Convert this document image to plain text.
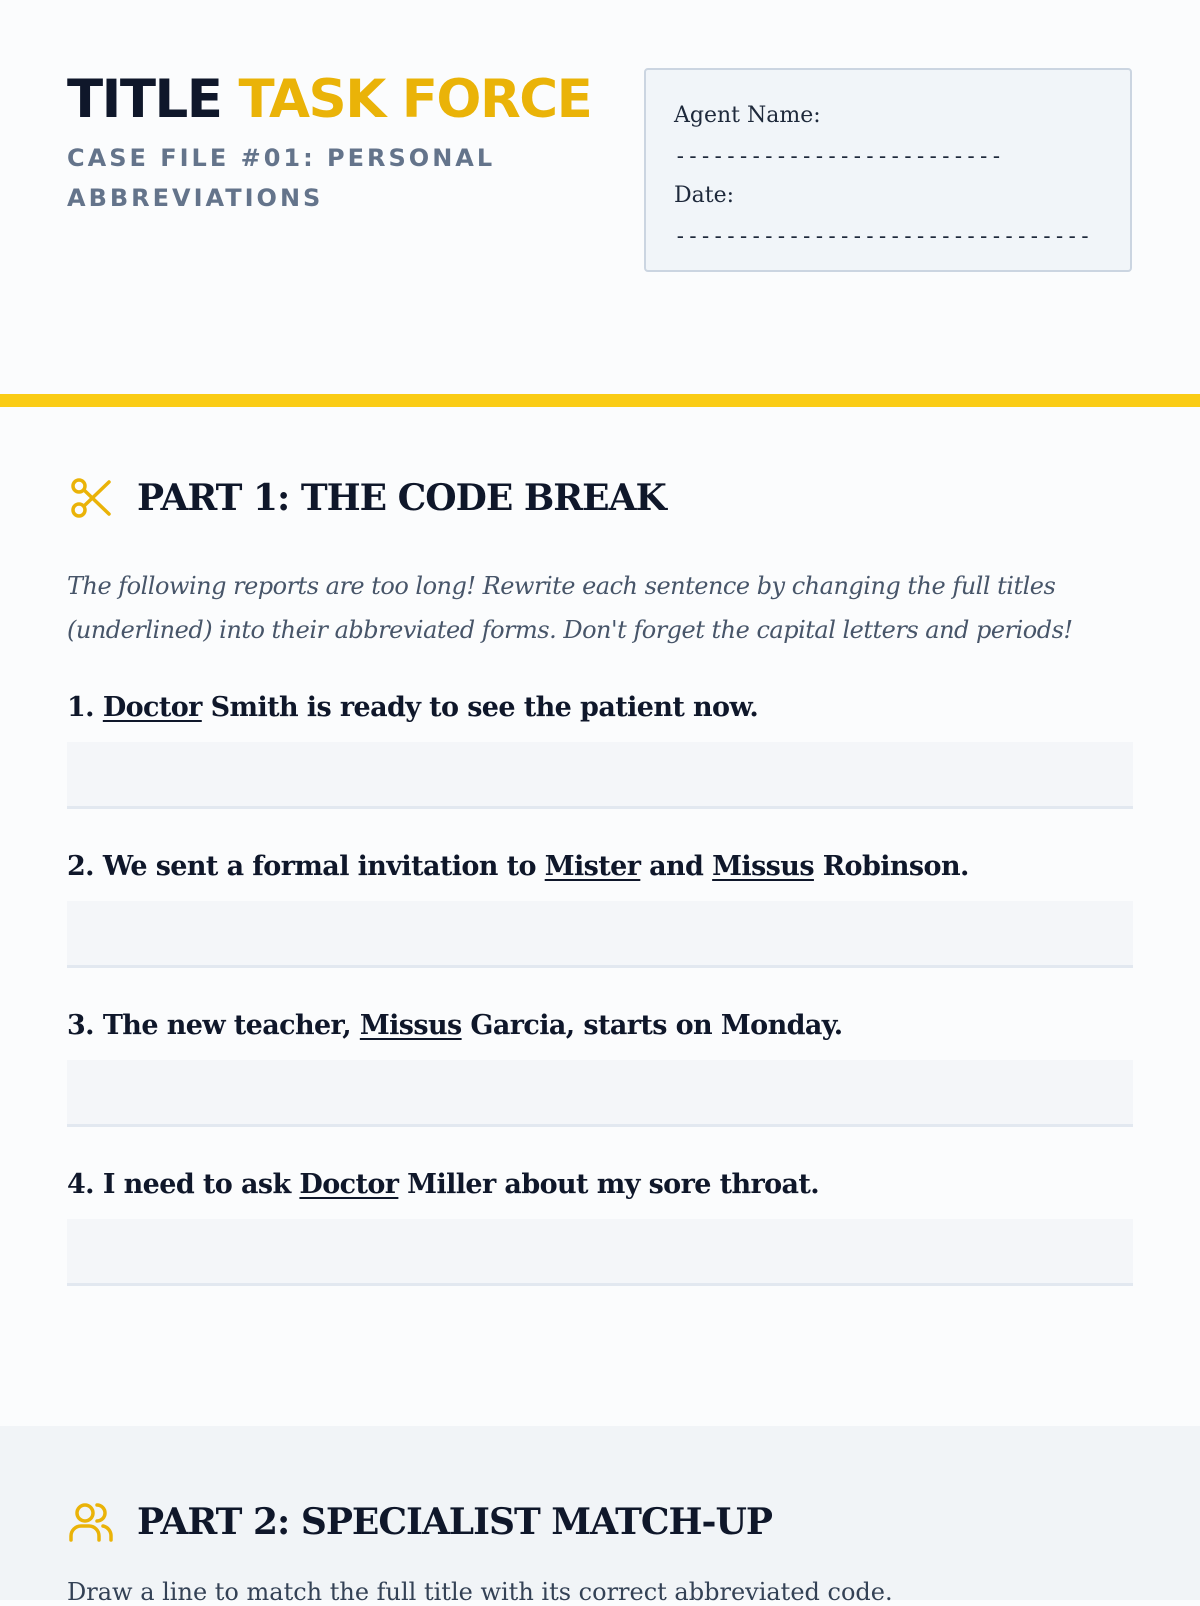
TITLE TASK FORCE
CASE FILE #01: PERSONAL ABBREVIATIONS
Agent Name:
--------------------------
Date:
---------------------------------
PART 1: THE CODE BREAK
The following reports are too long! Rewrite each sentence by changing the full titles (underlined) into their abbreviated forms. Don't forget the capital letters and periods!
1. Doctor Smith is ready to see the patient now.
2. We sent a formal invitation to Mister and Missus Robinson.
3. The new teacher, Missus Garcia, starts on Monday.
4. I need to ask Doctor Miller about my sore throat.
PART 2: SPECIALIST MATCH-UP
Draw a line to match the full title with its correct abbreviated code.
